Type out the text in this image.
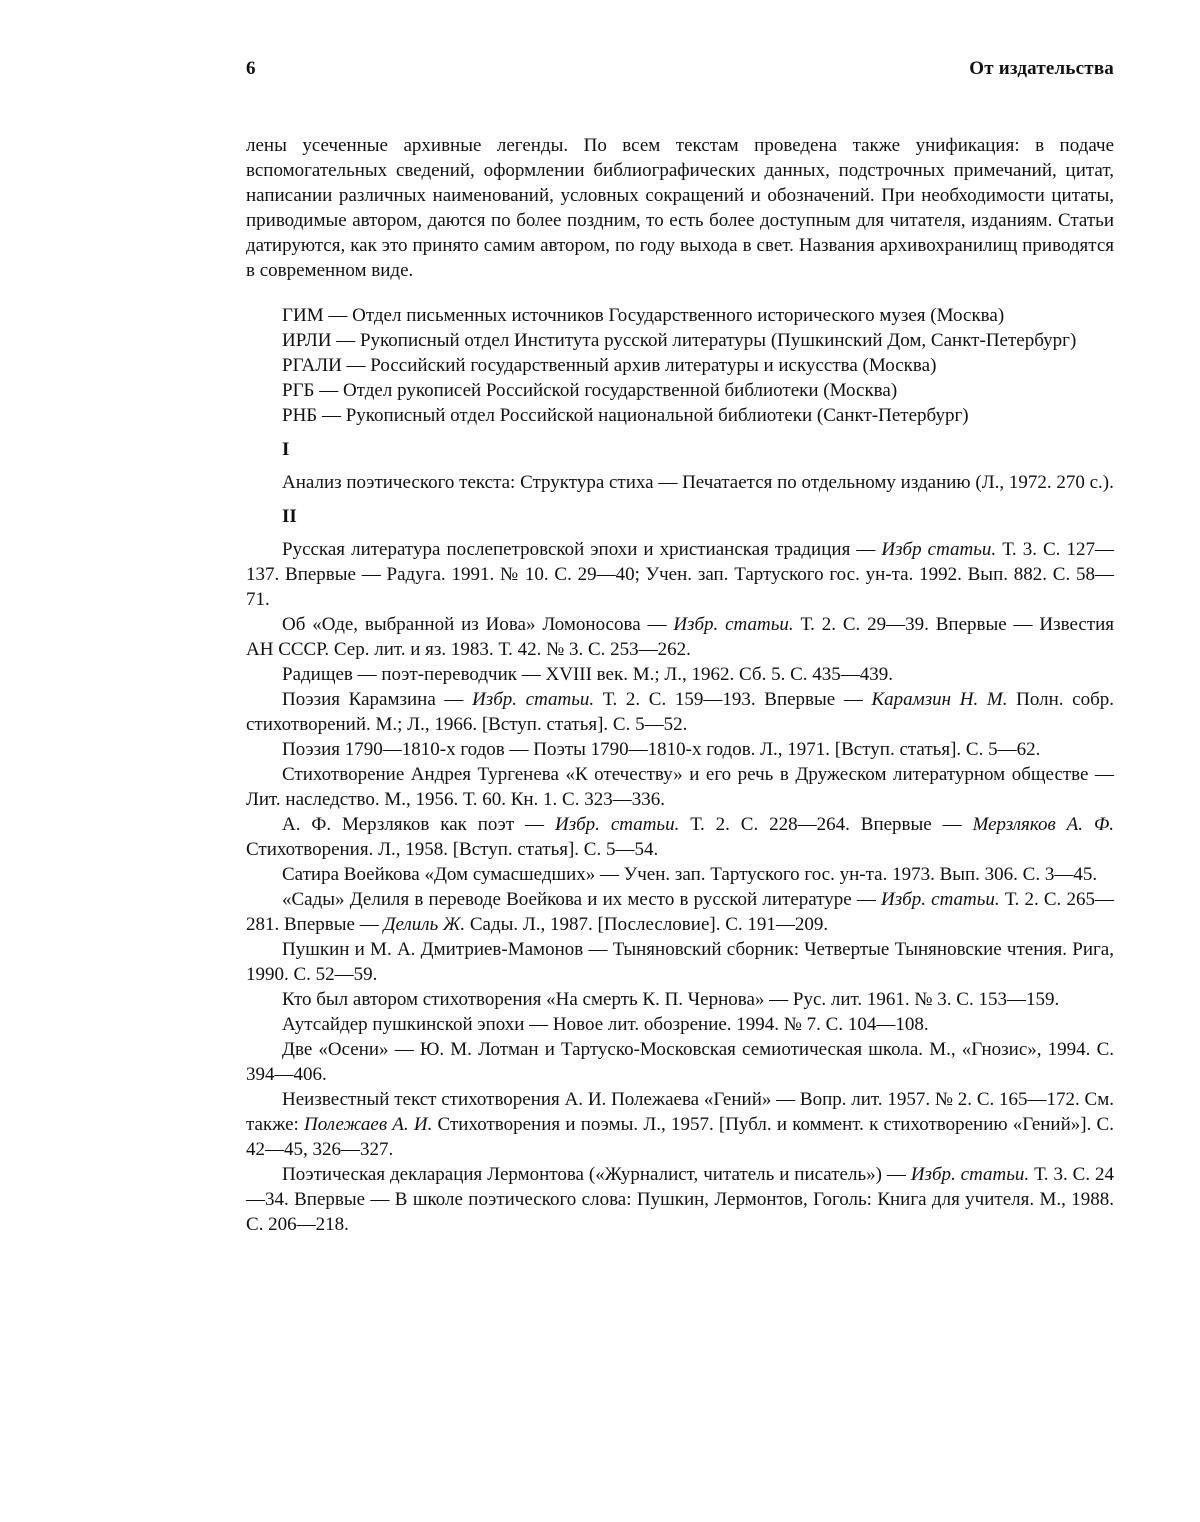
6	От издательства

лены усеченные архивные легенды. По всем текстам проведена также унификация: в подаче вспомогательных сведений, оформлении библиографических данных, подстрочных примечаний, цитат, написании различных наименований, условных сокращений и обозначений. При необходимости цитаты, приводимые автором, даются по более поздним, то есть более доступным для читателя, изданиям. Статьи датируются, как это принято самим автором, по году выхода в свет. Названия архивохранилищ приводятся в современном виде.

ГИМ — Отдел письменных источников Государственного исторического музея (Москва)

ИРЛИ — Рукописный отдел Института русской литературы (Пушкинский Дом, Санкт-Петербург)

РГАЛИ — Российский государственный архив литературы и искусства (Москва)

РГБ — Отдел рукописей Российской государственной библиотеки (Москва)

РНБ — Рукописный отдел Российской национальной библиотеки (Санкт-Петербург)

I

Анализ поэтического текста: Структура стиха — Печатается по отдельному изданию (Л., 1972. 270 с.).

II

Русская литература послепетровской эпохи и христианская традиция — Избр статьи. Т. 3. С. 127—137. Впервые — Радуга. 1991. № 10. С. 29—40; Учен. зап. Тартуского гос. ун-та. 1992. Вып. 882. С. 58—71.

Об «Оде, выбранной из Иова» Ломоносова — Избр. статьи. Т. 2. С. 29—39. Впервые — Известия АН СССР. Сер. лит. и яз. 1983. Т. 42. № 3. С. 253—262.

Радищев — поэт-переводчик — XVIII век. М.; Л., 1962. Сб. 5. С. 435—439.

Поэзия Карамзина — Избр. статьи. Т. 2. С. 159—193. Впервые — Карамзин Н. М. Полн. собр. стихотворений. М.; Л., 1966. [Вступ. статья]. С. 5—52.

Поэзия 1790—1810-х годов — Поэты 1790—1810-х годов. Л., 1971. [Вступ. статья]. С. 5—62.

Стихотворение Андрея Тургенева «К отечеству» и его речь в Дружеском литературном обществе — Лит. наследство. М., 1956. Т. 60. Кн. 1. С. 323—336.

А. Ф. Мерзляков как поэт — Избр. статьи. Т. 2. С. 228—264. Впервые — Мерзляков А. Ф. Стихотворения. Л., 1958. [Вступ. статья]. С. 5—54.

Сатира Воейкова «Дом сумасшедших» — Учен. зап. Тартуского гос. ун-та. 1973. Вып. 306. С. 3—45.

«Сады» Делиля в переводе Воейкова и их место в русской литературе — Избр. статьи. Т. 2. С. 265—281. Впервые — Делиль Ж. Сады. Л., 1987. [Послесловие]. С. 191—209.

Пушкин и М. А. Дмитриев-Мамонов — Тыняновский сборник: Четвертые Тыняновские чтения. Рига, 1990. С. 52—59.

Кто был автором стихотворения «На смерть К. П. Чернова» — Рус. лит. 1961. № 3. С. 153—159.

Аутсайдер пушкинской эпохи — Новое лит. обозрение. 1994. № 7. С. 104—108.

Две «Осени» — Ю. М. Лотман и Тартуско-Московская семиотическая школа. М., «Гнозис», 1994. С. 394—406.

Неизвестный текст стихотворения А. И. Полежаева «Гений» — Вопр. лит. 1957. № 2. С. 165—172. См. также: Полежаев А. И. Стихотворения и поэмы. Л., 1957. [Публ. и коммент. к стихотворению «Гений»]. С. 42—45, 326—327.

Поэтическая декларация Лермонтова («Журналист, читатель и писатель») — Избр. статьи. Т. 3. С. 24—34. Впервые — В школе поэтического слова: Пушкин, Лермонтов, Гоголь: Книга для учителя. М., 1988. С. 206—218.
